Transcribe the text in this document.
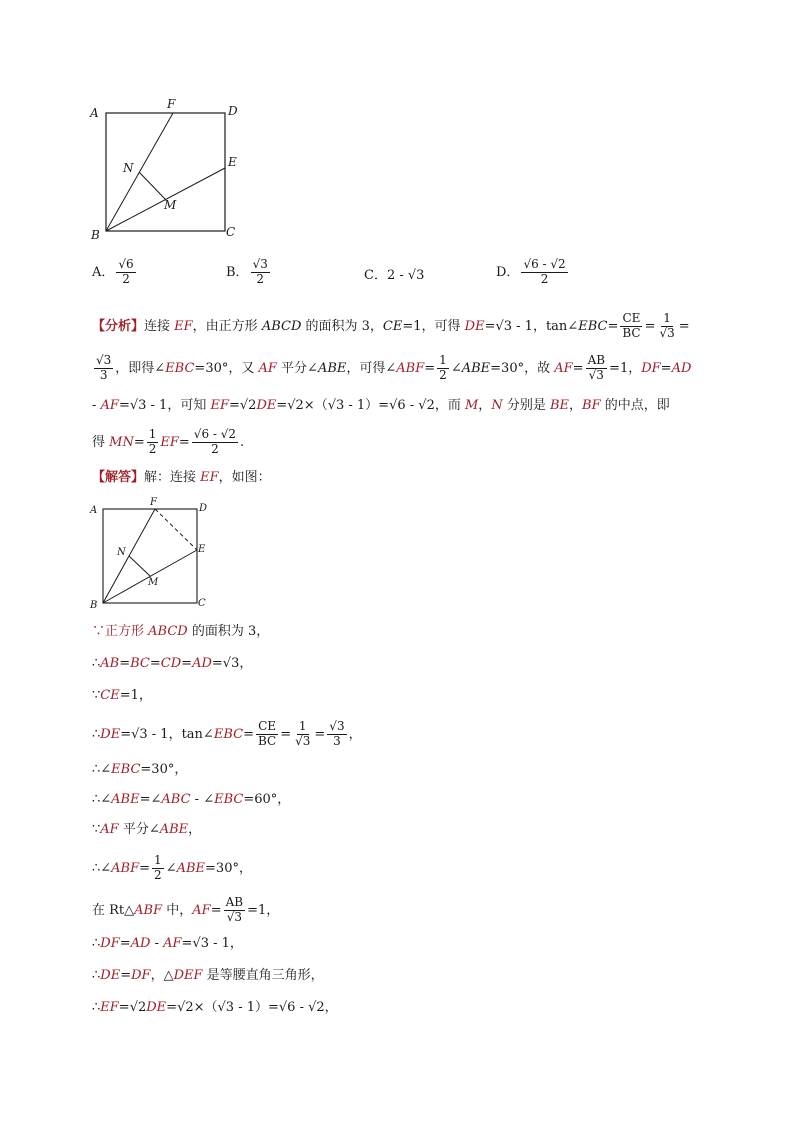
A
F	D
E
N
M
B	C
A． $\frac{√6}{2}$	B． $\frac{√3}{2}$	C．2 - √3	D． $\frac{√6 - √2}{2}$
【分析】连接 EF，由正方形 ABCD 的面积为 3，CE=1，可得 DE=√3 - 1，tan∠EBC= $\frac{CE}{BC} = \frac{1}{√3}$ =
$\frac{√3}{3}$ ，即得∠EBC=30°，又 AF 平分∠ABE，可得∠ABF= $\frac{1}{2}$ ∠ABE=30°，故 $AF= \frac{AB}{√3} =1$，DF=AD
- AF=√3 - 1，可知 EF=√2DE=√2×（√3 - 1）=√6 - √2，而 M，N 分别是 BE，BF 的中点，即
得 $MN= \frac{1}{2} EF= \frac{√6 - √2}{2}$ .
【解答】解：连接 EF，如图：
A
F
D
E
N
M
B	C
∵正方形 ABCD 的面积为 3，
∴AB=BC=CD=AD=√3，
∵CE=1，
∴DE=√3 - 1，tan∠EBC= $\frac{CE}{BC} = \frac{1}{√3} = \frac{√3}{3}$ ，
∴∠EBC=30°，
∴∠ABE=∠ABC - ∠EBC=60°，
∵AF 平分∠ABE，
∴∠ABF= $\frac{1}{2}$ ∠ABE=30°，
在 Rt△ABF 中，$AF= \frac{AB}{√3} =1$，
∴DF=AD - AF=√3 - 1，
∴DE=DF，△DEF 是等腰直角三角形，
∴EF=√2DE=√2×（√3 - 1）=√6 - √2，
